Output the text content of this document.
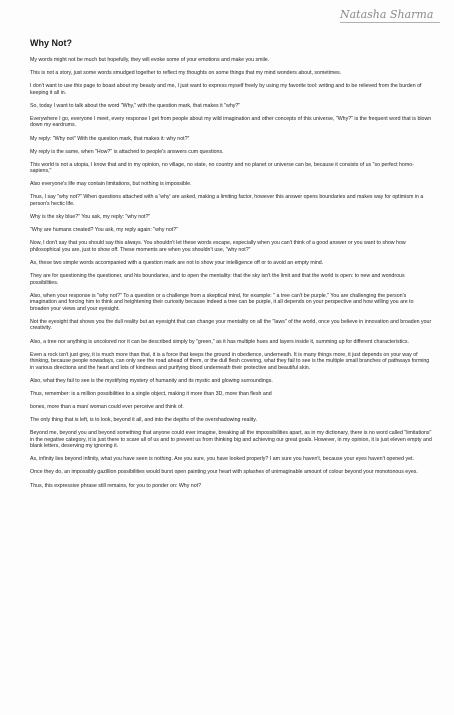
Natasha Sharma
Why Not?

My words might not be much but hopefully, they will evoke some of your emotions and make you smile.

This is not a story, just some words smudged together to reflect my thoughts on some things that my mind wonders about, sometimes.

I don't want to use this page to boast about my beauty and me, I just want to express myself freely by using my favorite tool: writing and to be relieved from the burden of keeping it all in.

So, today I want to talk about the word "Why," with the question mark, that makes it "why?"

Everywhere I go, everyone I meet, every response I get from people about my wild imagination and other concepts of this universe, "Why?" is the frequent word that is blown down my eardrums.

My reply: "Why not" With the question mark, that makes it: why not?"

My reply is the same, when "How?" is attached to people's answers cum questions.

This world is not a utopia, I know that and in my opinion, no village, no state, no country and no planet or universe can be, because it consists of us "so perfect homo-sapiens,"

Also everyone's life may contain limitations, but nothing is impossible.

Thus, I say "why not?" When questions attached with a 'why' are asked, making a limiting factor, however this answer opens boundaries and makes way for optimism in a person's hectic life.

Why is the sky blue?" You ask, my reply: "why not?"

"Why are humans created? You ask, my reply again: "why not?"

Now, I don't say that you should say this always. You shouldn't let these words escape, especially when you can't think of a good answer or you want to show how philosophical you are, just to show off. These moments are when you shouldn't use, "why not?"

As, these two simple words accompanied with a question mark are not to show your intelligence off or to avoid an empty mind.

They are for questioning the questioner, and his boundaries, and to open the mentality: that the sky isn't the limit and that the world is open: to new and wondrous possibilities.

Also, when your response is "why not?" To a question or a challenge from a skeptical mind, for example: " a tree can't be purple." You are challenging the person's imagination and forcing him to think and heightening their curiosity because indeed a tree can be purple, it all depends on your perspective and how willing you are to broaden your views and your eyesight.

Not the eyesight that shows you the dull reality but an eyesight that can change your mentality on all the "laws" of the world, once you believe in innovation and broaden your creativity.

Also, a tree nor anything is uncolored nor it can be described simply by "green," as it has multiple hues and layers inside it, summing up for different characteristics.

Even a rock isn't just grey, it is much more than that, it is a force that keeps the ground in obedience, underneath. It is many things more, it just depends on your way of thinking, because people nowadays, can only see the road ahead of them, or the dull flesh covering, what they fail to see is the multiple small branches of pathways forming in various directions and the heart and lots of kindness and purifying blood underneath their protective and beautiful skin.

Also, what they fail to see is the mystifying mystery of humanity and its mystic and glowing surroundings.

Thus, remember: is a million possibilities to a single object, making it more than 3D, more than flesh and

bones, more than a man/ woman could ever perceive and think of.

The only thing that is left, is to look, beyond it all, and into the depths of the overshadowing reality.

Beyond me, beyond you and beyond something that anyone could ever imagine, breaking all the impossibilities apart, as in my dictionary, there is no word called "limitations" in the negative category, it is just there to scare all of us and to prevent us from thinking big and achieving our great goals. However, in my opinion, it is just eleven empty and blank letters, deserving my ignoring it.

As, infinity lies beyond infinity, what you have seen is nothing. Are you sure, you have looked properly? I am sure you haven't, because your eyes haven't opened yet.

Once they do, an impossibly gazillion possibilities would burst open painting your heart with splashes of unimaginable amount of colour beyond your monotonous eyes.

Thus, this expressive phrase still remains, for you to ponder on: Why not?
